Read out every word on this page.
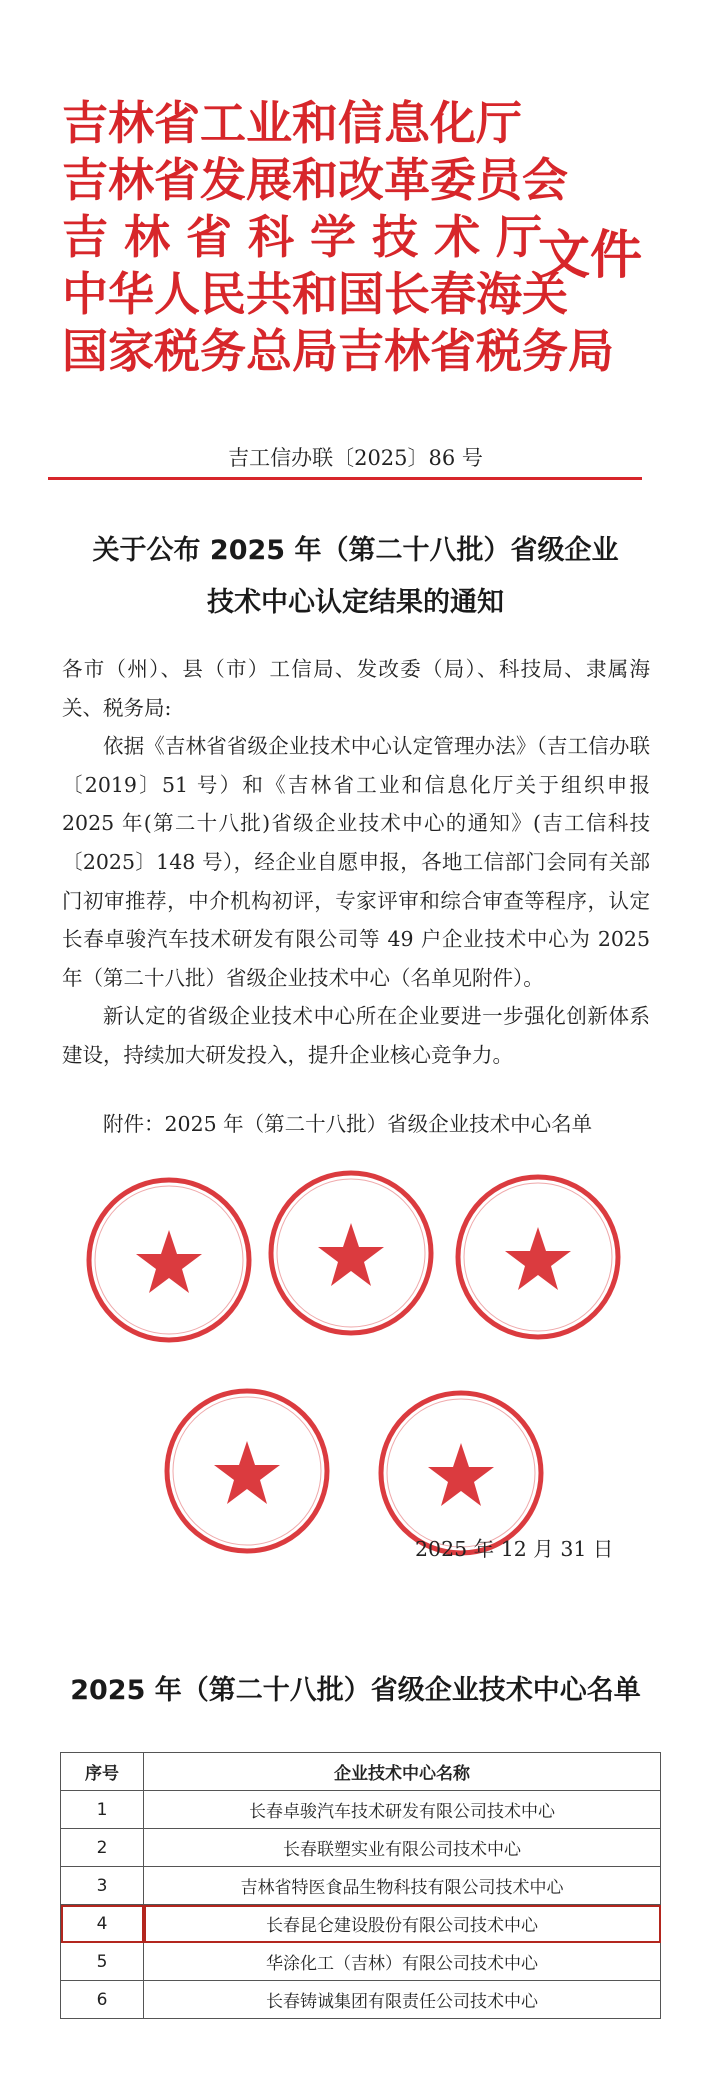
吉林省工业和信息化厅
吉林省发展和改革委员会
吉 林 省 科 学 技 术 厅
中华人民共和国长春海关
国家税务总局吉林省税务局
文件
吉工信办联〔2025〕86 号
关于公布 2025 年（第二十八批）省级企业
技术中心认定结果的通知

各市（州）、县（市）工信局、发改委（局）、科技局、隶属海关、税务局:

依据《吉林省省级企业技术中心认定管理办法》（吉工信办联〔2019〕51 号）和《吉林省工业和信息化厅关于组织申报 2025 年(第二十八批)省级企业技术中心的通知》(吉工信科技〔2025〕148 号），经企业自愿申报，各地工信部门会同有关部门初审推荐，中介机构初评，专家评审和综合审查等程序，认定长春卓骏汽车技术研发有限公司等 49 户企业技术中心为 2025 年（第二十八批）省级企业技术中心（名单见附件）。

新认定的省级企业技术中心所在企业要进一步强化创新体系建设，持续加大研发投入，提升企业核心竞争力。

附件：2025 年（第二十八批）省级企业技术中心名单
2025 年 12 月 31 日
2025 年（第二十八批）省级企业技术中心名单
序号	企业技术中心名称
1	长春卓骏汽车技术研发有限公司技术中心
2	长春联塑实业有限公司技术中心
3	吉林省特医食品生物科技有限公司技术中心
4	长春昆仑建设股份有限公司技术中心
5	华涂化工（吉林）有限公司技术中心
6	长春铸诚集团有限责任公司技术中心
